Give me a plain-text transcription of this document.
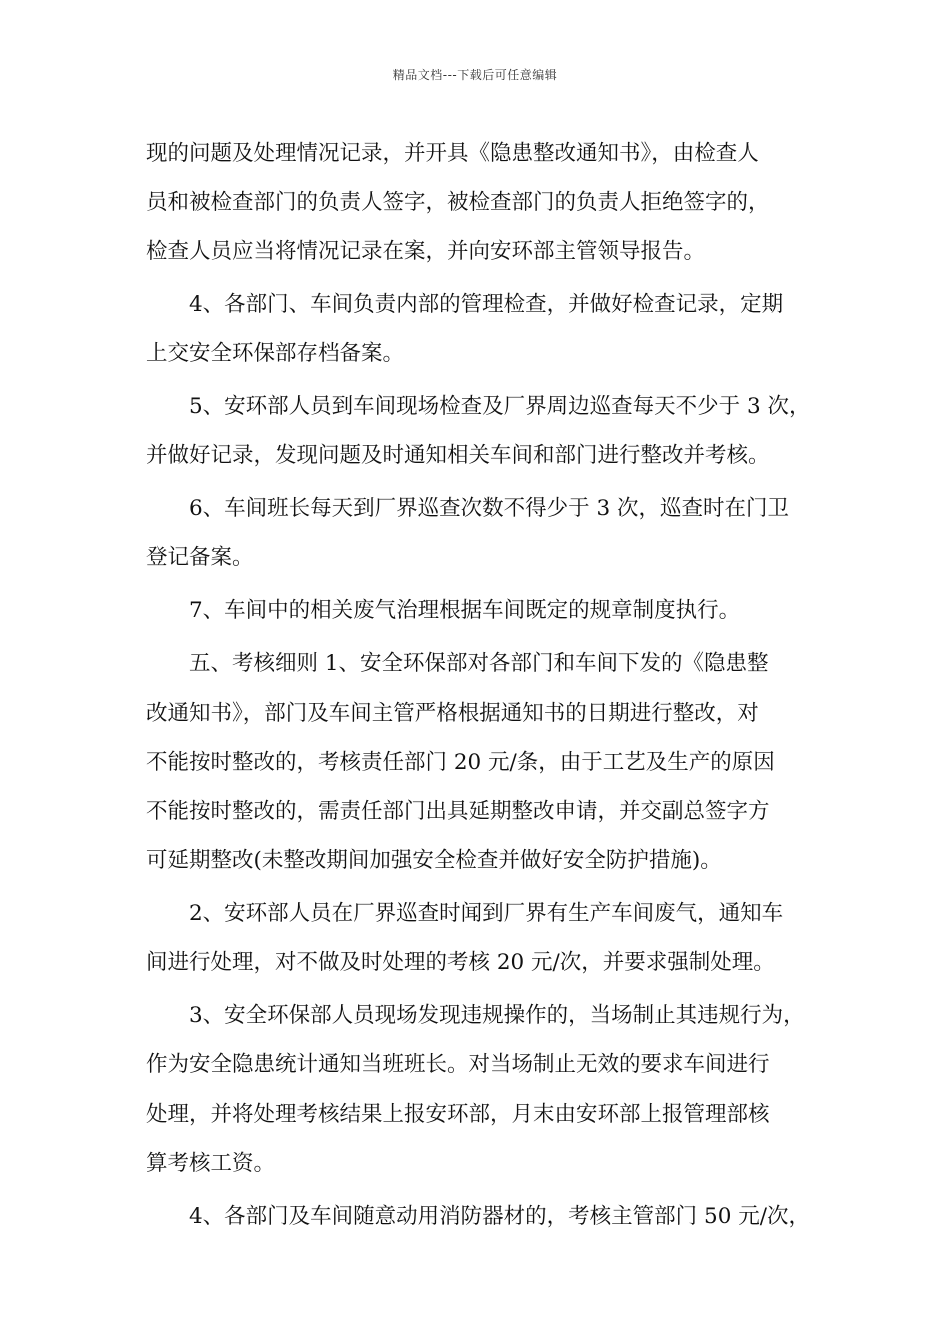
精品文档---下载后可任意编辑
现的问题及处理情况记录，并开具《隐患整改通知书》，由检查人
员和被检查部门的负责人签字，被检查部门的负责人拒绝签字的，
检查人员应当将情况记录在案，并向安环部主管领导报告。
4、各部门、车间负责内部的管理检查，并做好检查记录，定期
上交安全环保部存档备案。
5、安环部人员到车间现场检查及厂界周边巡查每天不少于 3 次，
并做好记录，发现问题及时通知相关车间和部门进行整改并考核。
6、车间班长每天到厂界巡查次数不得少于 3 次，巡查时在门卫
登记备案。
7、车间中的相关废气治理根据车间既定的规章制度执行。
五、考核细则 1、安全环保部对各部门和车间下发的《隐患整
改通知书》，部门及车间主管严格根据通知书的日期进行整改，对
不能按时整改的，考核责任部门 20 元/条，由于工艺及生产的原因
不能按时整改的，需责任部门出具延期整改申请，并交副总签字方
可延期整改(未整改期间加强安全检查并做好安全防护措施)。
2、安环部人员在厂界巡查时闻到厂界有生产车间废气，通知车
间进行处理，对不做及时处理的考核 20 元/次，并要求强制处理。
3、安全环保部人员现场发现违规操作的，当场制止其违规行为，
作为安全隐患统计通知当班班长。对当场制止无效的要求车间进行
处理，并将处理考核结果上报安环部，月末由安环部上报管理部核
算考核工资。
4、各部门及车间随意动用消防器材的，考核主管部门 50 元/次，
